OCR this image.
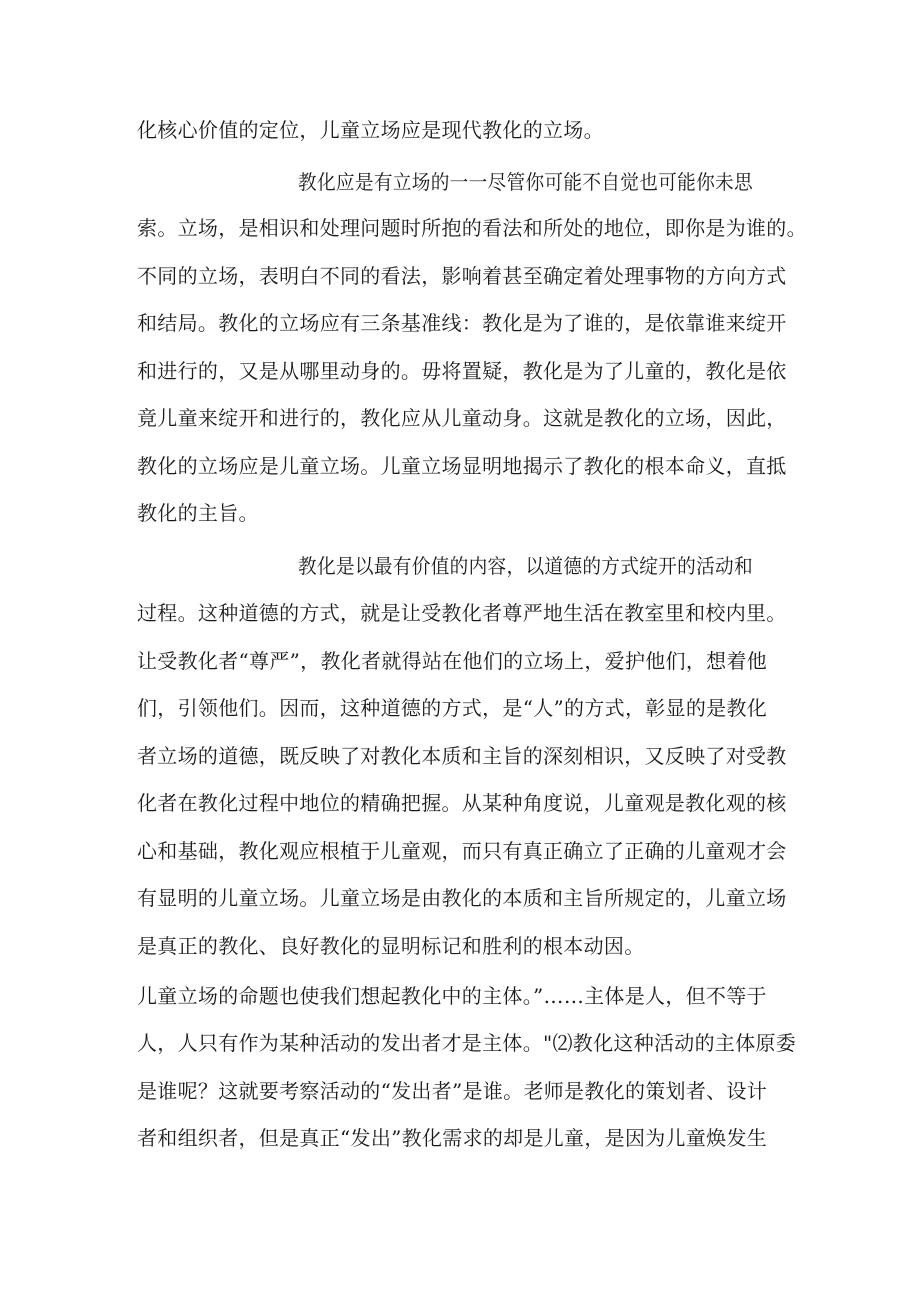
化核心价值的定位，儿童立场应是现代教化的立场。
教化应是有立场的一一尽管你可能不自觉也可能你未思
索。立场，是相识和处理问题时所抱的看法和所处的地位，即你是为谁的。
不同的立场，表明白不同的看法，影响着甚至确定着处理事物的方向方式
和结局。教化的立场应有三条基准线：教化是为了谁的，是依靠谁来绽开
和进行的，又是从哪里动身的。毋将置疑，教化是为了儿童的，教化是依
竟儿童来绽开和进行的，教化应从儿童动身。这就是教化的立场，因此，
教化的立场应是儿童立场。儿童立场显明地揭示了教化的根本命义，直抵
教化的主旨。
教化是以最有价值的内容，以道德的方式绽开的活动和
过程。这种道德的方式，就是让受教化者尊严地生活在教室里和校内里。
让受教化者“尊严”，教化者就得站在他们的立场上，爱护他们，想着他
们，引领他们。因而，这种道德的方式，是“人”的方式，彰显的是教化
者立场的道德，既反映了对教化本质和主旨的深刻相识，又反映了对受教
化者在教化过程中地位的精确把握。从某种角度说，儿童观是教化观的核
心和基础，教化观应根植于儿童观，而只有真正确立了正确的儿童观才会
有显明的儿童立场。儿童立场是由教化的本质和主旨所规定的，儿童立场
是真正的教化、良好教化的显明标记和胜利的根本动因。
儿童立场的命题也使我们想起教化中的主体。”……主体是人，但不等于
人，人只有作为某种活动的发出者才是主体。"⑵教化这种活动的主体原委
是谁呢？这就要考察活动的“发出者”是谁。老师是教化的策划者、设计
者和组织者，但是真正“发出”教化需求的却是儿童，是因为儿童焕发生
